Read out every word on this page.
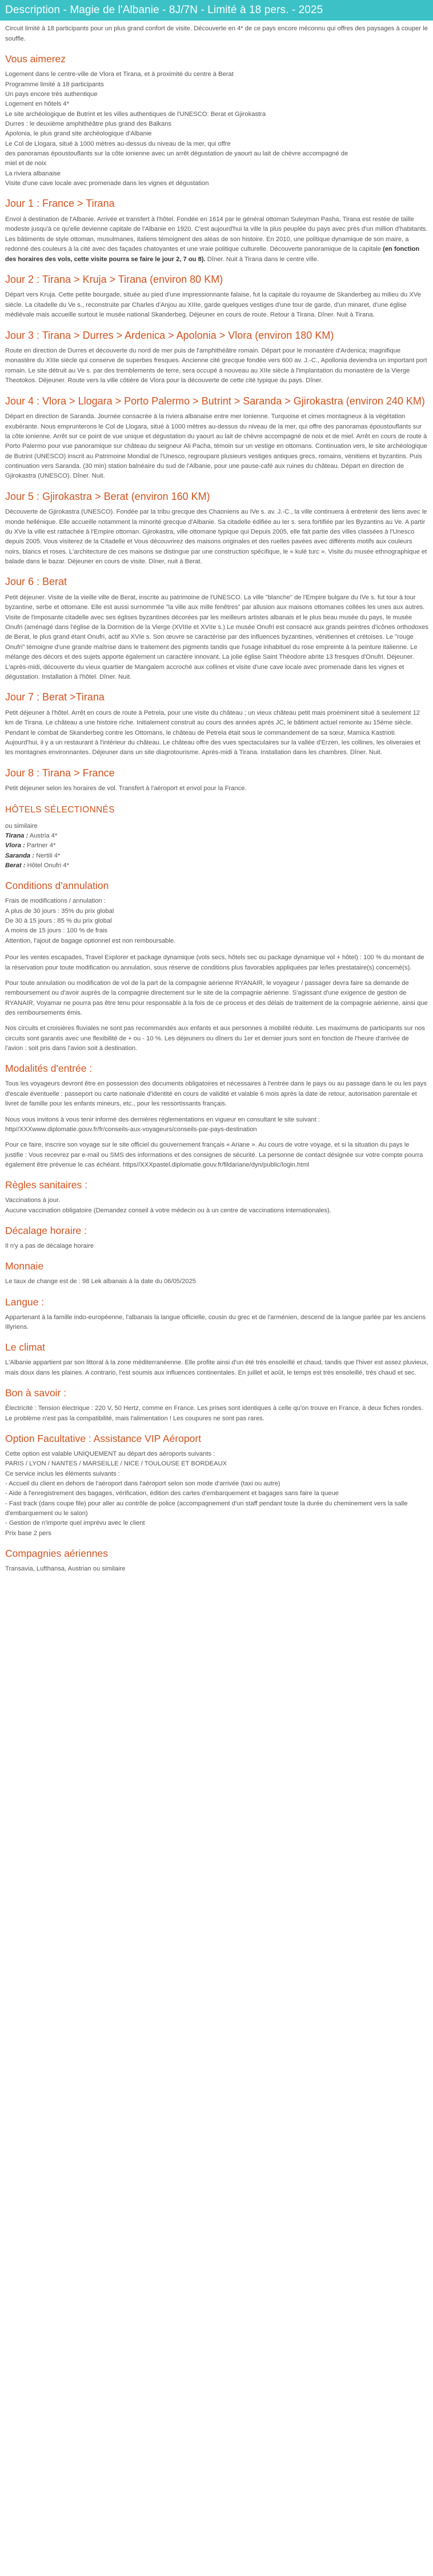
Description - Magie de l'Albanie - 8J/7N - Limité à 18 pers. - 2025

Circuit limité à 18 participants pour un plus grand confort de visite. Découverte en 4* de ce pays encore méconnu qui offres des paysages à couper le souffle.

Vous aimerez
Logement dans le centre-ville de Vlora et Tirana, et à proximité du centre à Berat
Programme limité à 18 participants
Un pays encore très authentique
Logement en hôtels 4*
Le site archéologique de Butrint et les villes authentiques de l'UNESCO: Berat et Gjirokastra
Durres : le deuxième amphithéâtre plus grand des Balkans
Apolonia, le plus grand site archéologique d'Albanie
Le Col de Llogara, situé à 1000 mètres au-dessus du niveau de la mer, qui offre
des panoramas époustouflants sur la côte ionienne avec un arrêt dégustation de yaourt au lait de chèvre accompagné de
miel et de noix
La riviera albanaise
Visite d'une cave locale avec promenade dans les vignes et dégustation
Jour 1 : France > Tirana

Envol à destination de l'Albanie. Arrivée et transfert à l'hôtel. Fondée en 1614 par le général ottoman Suleyman Pasha, Tirana est restée de taille modeste jusqu'à ce qu'elle devienne capitale de l'Albanie en 1920. C'est aujourd'hui la ville la plus peuplée du pays avec près d'un million d'habitants. Les bâtiments de style ottoman, musulmanes, italiens témoignent des aléas de son histoire. En 2010, une politique dynamique de son maire, a redonné des couleurs à la cité avec des façades chatoyantes et une vraie politique culturelle. Découverte panoramique de la capitale (en fonction des horaires des vols, cette visite pourra se faire le jour 2, 7 ou 8). Dîner. Nuit à Tirana dans le centre ville.

Jour 2 : Tirana > Kruja > Tirana (environ 80 KM)

Départ vers Kruja. Cette petite bourgade, située au pied d'une impressionnante falaise, fut la capitale du royaume de Skanderbeg au milieu du XVe siècle. La citadelle du Ve s., reconstruite par Charles d'Anjou au XIIIe, garde quelques vestiges d'une tour de garde, d'un minaret, d'une église médiévale mais accueille surtout le musée national Skanderbeg. Déjeuner en cours de route. Retour à Tirana. Dîner. Nuit à Tirana.

Jour 3 : Tirana > Durres > Ardenica > Apolonia > Vlora (environ 180 KM)

Route en direction de Durres et découverte du nord de mer puis de l'amphithéâtre romain. Départ pour le monastère d'Ardenica; magnifique monastère du XIIIe siècle qui conserve de superbes fresques. Ancienne cité grecque fondée vers 600 av. J.-C., Apollonia deviendra un important port romain. Le site détruit au Ve s. par des tremblements de terre, sera occupé à nouveau au XIIe siècle à l'implantation du monastère de la Vierge Theotokos. Déjeuner. Route vers la ville côtière de Vlora pour la découverte de cette cité typique du pays. Dîner.

Jour 4 : Vlora > Llogara > Porto Palermo > Butrint > Saranda > Gjirokastra (environ 240 KM)

Départ en direction de Saranda. Journée consacrée à la riviera albanaise entre mer Ionienne. Turquoise et cimes montagneux à la végétation exubérante. Nous emprunterons le Col de Llogara, situé à 1000 mètres au-dessus du niveau de la mer, qui offre des panoramas époustouflants sur la côte ionienne. Arrêt sur ce point de vue unique et dégustation du yaourt au lait de chèvre accompagné de noix et de miel. Arrêt en cours de route à Porto Palermo pour vue panoramique sur château du seigneur Ali Pacha, témoin sur un vestige en ottomans. Continuation vers, le site archéologique de Butrint (UNESCO) inscrit au Patrimoine Mondial de l'Unesco, regroupant plusieurs vestiges antiques grecs, romains, vénitiens et byzantins. Puis continuation vers Saranda. (30 min) station balnéaire du sud de l'Albanie, pour une pause-café aux ruines du château. Départ en direction de Gjirokastra (UNESCO). Dîner. Nuit.

Jour 5 : Gjirokastra > Berat (environ 160 KM)

Découverte de Gjirokastra (UNESCO). Fondée par la tribu grecque des Chaoniens au IVe s. av. J.-C., la ville continuera à entretenir des liens avec le monde hellénique. Elle accueille notamment la minorité grecque d'Albanie. Sa citadelle édifiée au Ier s. sera fortifiée par les Byzantins au Ve. A partir du XVe la ville est rattachée à l'Empire ottoman. Gjirokastra, ville ottomane typique qui Depuis 2005, elle fait partie des villes classées à l'Unesco depuis 2005. Vous visiterez de la Citadelle et Vous découvrirez des maisons originales et des ruelles pavées avec différents motifs aux couleurs noirs, blancs et roses. L'architecture de ces maisons se distingue par une construction spécifique, le « kulé turc ». Visite du musée ethnographique et balade dans le bazar. Déjeuner en cours de visite. Dîner, nuit à Berat.

Jour 6 : Berat

Petit déjeuner. Visite de la vieille ville de Berat, inscrite au patrimoine de l'UNESCO. La ville "blanche" de l'Empire bulgare du IVe s. fut tour à tour byzantine, serbe et ottomane. Elle est aussi surnommée "la ville aux mille fenêtres" par allusion aux maisons ottomanes collées les unes aux autres. Visite de l'imposante citadelle avec ses églises byzantines décorées par les meilleurs artistes albanais et le plus beau musée du pays, le musée Onufri (aménagé dans l'église de la Dormition de la Vierge (XVIIIe et XVIIe s.) Le musée Onufri est consacré aux grands peintres d'icônes orthodoxes de Berat, le plus grand étant Onufri, actif au XVIe s. Son œuvre se caractérise par des influences byzantines, vénitiennes et crétoises. Le "rouge Onufri" témoigne d'une grande maîtrise dans le traitement des pigments tandis que l'usage inhabituel du rose empreinte à la peinture italienne. Le mélange des décors et des sujets apporte également un caractère innovant. La jolie église Saint Théodore abrite 13 fresques d'Onufri. Déjeuner. L'après-midi, découverte du vieux quartier de Mangalem accroché aux collines et visite d'une cave locale avec promenade dans les vignes et dégustation. Installation à l'hôtel. Dîner. Nuit.

Jour 7 : Berat >Tirana

Petit déjeuner à l'hôtel. Arrêt en cours de route à Petrela, pour une visite du château ; un vieux château petit mais proéminent situé à seulement 12 km de Tirana. Le château a une histoire riche. Initialement construit au cours des années après JC, le bâtiment actuel remonte au 15ème siècle. Pendant le combat de Skanderbeg contre les Ottomans, le château de Petrela était sous le commandement de sa sœur, Mamica Kastrioti. Aujourd'hui, il y a un restaurant à l'intérieur du château. Le château offre des vues spectaculaires sur la vallée d'Erzen, les collines, les oliveraies et les montagnes environnantes. Déjeuner dans un site diagrotourisme. Après-midi à Tirana. Installation dans les chambres. Dîner. Nuit.

Jour 8 : Tirana > France

Petit déjeuner selon les horaires de vol. Transfert à l'aéroport et envol pour la France.

HÔTELS SÉLECTIONNÉS
ou similaire
Tirana : Austria 4*
Vlora : Partner 4*
Saranda : Nertili 4*
Berat : Hôtel Onufri 4*
Conditions d'annulation
Frais de modifications / annulation :
A plus de 30 jours : 35% du prix global
De 30 à 15 jours : 85 % du prix global
A moins de 15 jours : 100 % de frais
Attention, l'ajout de bagage optionnel est non remboursable.

Pour les ventes escapades, Travel Explorer et package dynamique (vols secs, hôtels sec ou package dynamique vol + hôtel) : 100 % du montant de la réservation pour toute modification ou annulation, sous réserve de conditions plus favorables appliquées par le/les prestataire(s) concerné(s).

Pour toute annulation ou modification de vol de la part de la compagnie aérienne RYANAIR, le voyageur / passager devra faire sa demande de remboursement ou d'avoir auprès de la compagnie directement sur le site de la compagnie aérienne. S'agissant d'une exigence de gestion de RYANAIR, Voyamar ne pourra pas être tenu pour responsable à la fois de ce process et des délais de traitement de la compagnie aérienne, ainsi que des remboursements émis.

Nos circuits et croisières fluviales ne sont pas recommandés aux enfants et aux personnes à mobilité réduite. Les maximums de participants sur nos circuits sont garantis avec une flexibilité de + ou - 10 %. Les déjeuners ou dîners du 1er et dernier jours sont en fonction de l'heure d'arrivée de l'avion : soit pris dans l'avion soit à destination.

Modalités d'entrée :

Tous les voyageurs devront être en possession des documents obligatoires et nécessaires à l'entrée dans le pays ou au passage dans le ou les pays d'escale éventuelle : passeport ou carte nationale d'identité en cours de validité et valable 6 mois après la date de retour, autorisation parentale et livret de famille pour les enfants mineurs, etc., pour les ressortissants français.

Nous vous invitons à vous tenir informé des dernières réglementations en vigueur en consultant le site suivant : http//XXXwww.diplomatie.gouv.fr/fr/conseils-aux-voyageurs/conseils-par-pays-destination

Pour ce faire, inscrire son voyage sur le site officiel du gouvernement français « Ariane ». Au cours de votre voyage, et si la situation du pays le justifie : Vous recevrez par e-mail ou SMS des informations et des consignes de sécurité. La personne de contact désignée sur votre compte pourra également être prévenue le cas échéant. https//XXXpastel.diplomatie.gouv.fr/fildariane/dyn/public/login.html

Règles sanitaires :
Vaccinations à jour.
Aucune vaccination obligatoire (Demandez conseil à votre médecin ou à un centre de vaccinations internationales).
Décalage horaire :

Il n'y a pas de décalage horaire

Monnaie

Le taux de change est de : 98 Lek albanais à la date du 06/05/2025

Langue :

Appartenant à la famille indo-européenne, l'albanais la langue officielle, cousin du grec et de l'arménien, descend de la langue parlée par les anciens Illyriens.

Le climat

L'Albanie appartient par son littoral à la zone méditerranéenne. Elle profite ainsi d'un été très ensoleillé et chaud, tandis que l'hiver est assez pluvieux, mais doux dans les plaines. A contrario, l'est soumis aux influences continentales. En juillet et août, le temps est très ensoleillé, très chaud et sec.

Bon à savoir :

Électricité : Tension électrique : 220 V, 50 Hertz, comme en France. Les prises sont identiques à celle qu'on trouve en France, à deux fiches rondes. Le problème n'est pas la compatibilité, mais l'alimentation ! Les coupures ne sont pas rares.

Option Facultative : Assistance VIP Aéroport
Cette option est valable UNIQUEMENT au départ des aéroports suivants :
PARIS / LYON / NANTES / MARSEILLE / NICE / TOULOUSE ET BORDEAUX
Ce service inclus les éléments suivants :
- Accueil du client en dehors de l'aéroport dans l'aéroport selon son mode d'arrivée (taxi ou autre)
- Aide à l'enregistrement des bagages, vérification, édition des cartes d'embarquement et bagages sans faire la queue
- Fast track (dans coupe file) pour aller au contrôle de police (accompagnement d'un staff pendant toute la durée du cheminement vers la salle d'embarquement ou le salon)
- Gestion de n'importe quel imprévu avec le client
Prix base 2 pers
Compagnies aériennes

Transavia, Lufthansa, Austrian ou similaire
